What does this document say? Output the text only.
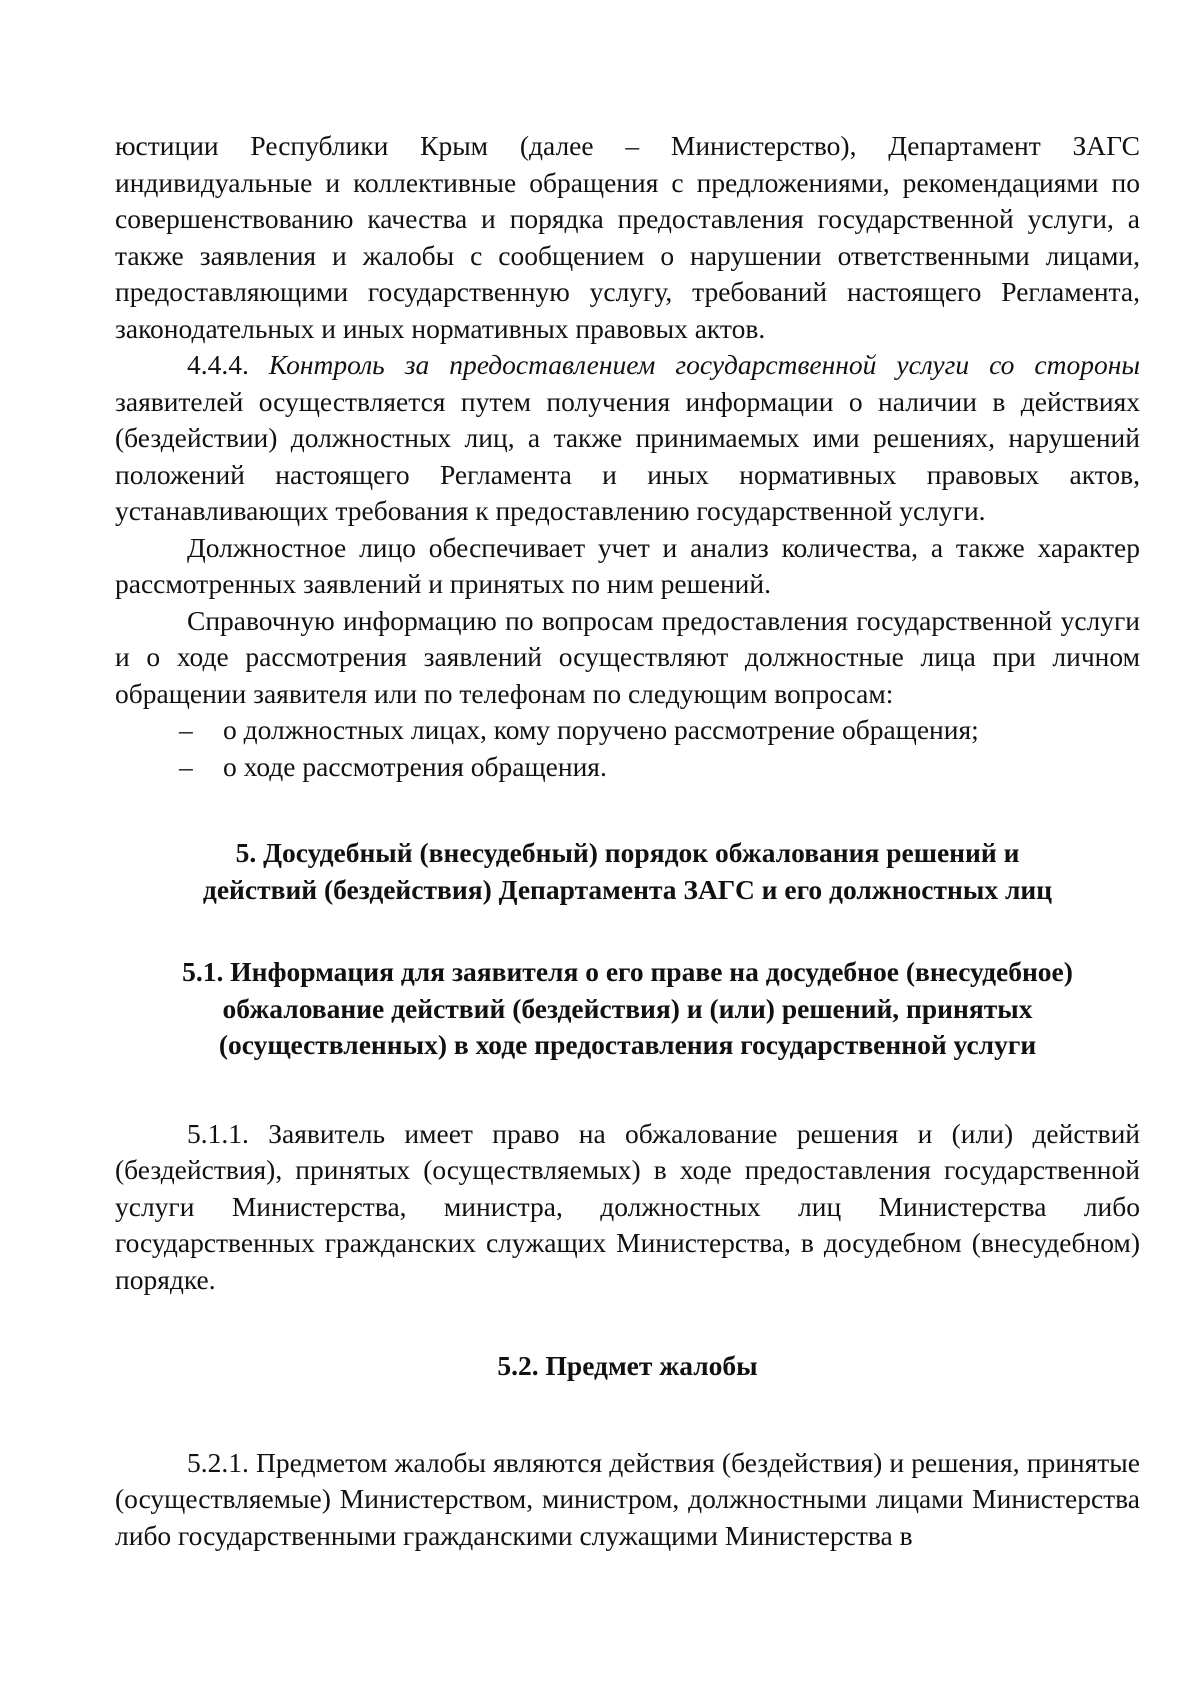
юстиции Республики Крым (далее – Министерство), Департамент ЗАГС индивидуальные и коллективные обращения с предложениями, рекомендациями по совершенствованию качества и порядка предоставления государственной услуги, а также заявления и жалобы с сообщением о нарушении ответственными лицами, предоставляющими государственную услугу, требований настоящего Регламента, законодательных и иных нормативных правовых актов.

4.4.4. Контроль за предоставлением государственной услуги со стороны заявителей осуществляется путем получения информации о наличии в действиях (бездействии) должностных лиц, а также принимаемых ими решениях, нарушений положений настоящего Регламента и иных нормативных правовых актов, устанавливающих требования к предоставлению государственной услуги.

Должностное лицо обеспечивает учет и анализ количества, а также характер рассмотренных заявлений и принятых по ним решений.

Справочную информацию по вопросам предоставления государственной услуги и о ходе рассмотрения заявлений осуществляют должностные лица при личном обращении заявителя или по телефонам по следующим вопросам:

– о должностных лицах, кому поручено рассмотрение обращения;
– о ходе рассмотрения обращения.
5. Досудебный (внесудебный) порядок обжалования решений и
действий (бездействия) Департамента ЗАГС и его должностных лиц
5.1. Информация для заявителя о его праве на досудебное (внесудебное)
обжалование действий (бездействия) и (или) решений, принятых
(осуществленных) в ходе предоставления государственной услуги

5.1.1. Заявитель имеет право на обжалование решения и (или) действий (бездействия), принятых (осуществляемых) в ходе предоставления государственной услуги Министерства, министра, должностных лиц Министерства либо государственных гражданских служащих Министерства, в досудебном (внесудебном) порядке.

5.2. Предмет жалобы

5.2.1. Предметом жалобы являются действия (бездействия) и решения, принятые (осуществляемые) Министерством, министром, должностными лицами Министерства либо государственными гражданскими служащими Министерства в
